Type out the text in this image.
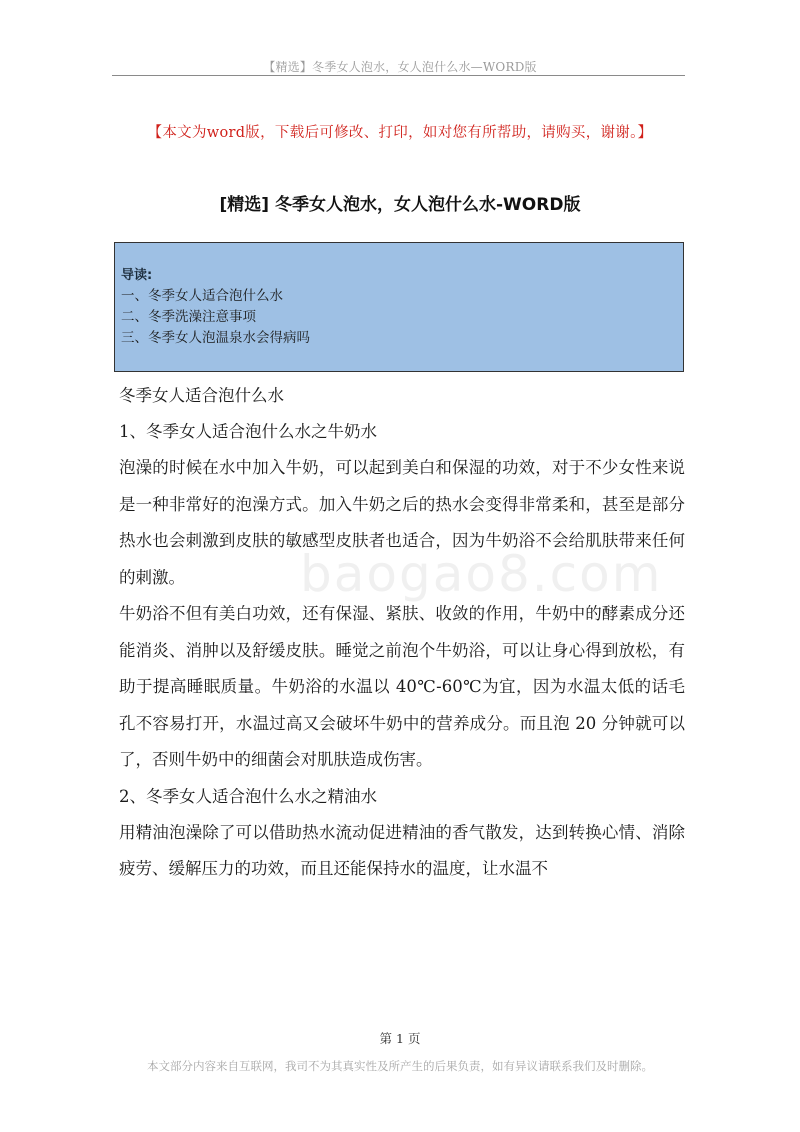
【精选】冬季女人泡水，女人泡什么水—WORD版
【本文为word版，下载后可修改、打印，如对您有所帮助，请购买，谢谢。】
[精选] 冬季女人泡水，女人泡什么水-WORD版
导读:
一、冬季女人适合泡什么水
二、冬季洗澡注意事项
三、冬季女人泡温泉水会得病吗
baogao8.com

冬季女人适合泡什么水

1、冬季女人适合泡什么水之牛奶水

泡澡的时候在水中加入牛奶，可以起到美白和保湿的功效，对于不少女性来说是一种非常好的泡澡方式。加入牛奶之后的热水会变得非常柔和，甚至是部分热水也会刺激到皮肤的敏感型皮肤者也适合，因为牛奶浴不会给肌肤带来任何的刺激。

牛奶浴不但有美白功效，还有保湿、紧肤、收敛的作用，牛奶中的酵素成分还能消炎、消肿以及舒缓皮肤。睡觉之前泡个牛奶浴，可以让身心得到放松，有助于提高睡眠质量。牛奶浴的水温以 40℃-60℃为宜，因为水温太低的话毛孔不容易打开，水温过高又会破坏牛奶中的营养成分。而且泡 20 分钟就可以了，否则牛奶中的细菌会对肌肤造成伤害。

2、冬季女人适合泡什么水之精油水

用精油泡澡除了可以借助热水流动促进精油的香气散发，达到转换心情、消除疲劳、缓解压力的功效，而且还能保持水的温度，让水温不

第 1 页
本文部分内容来自互联网，我司不为其真实性及所产生的后果负责，如有异议请联系我们及时删除。
